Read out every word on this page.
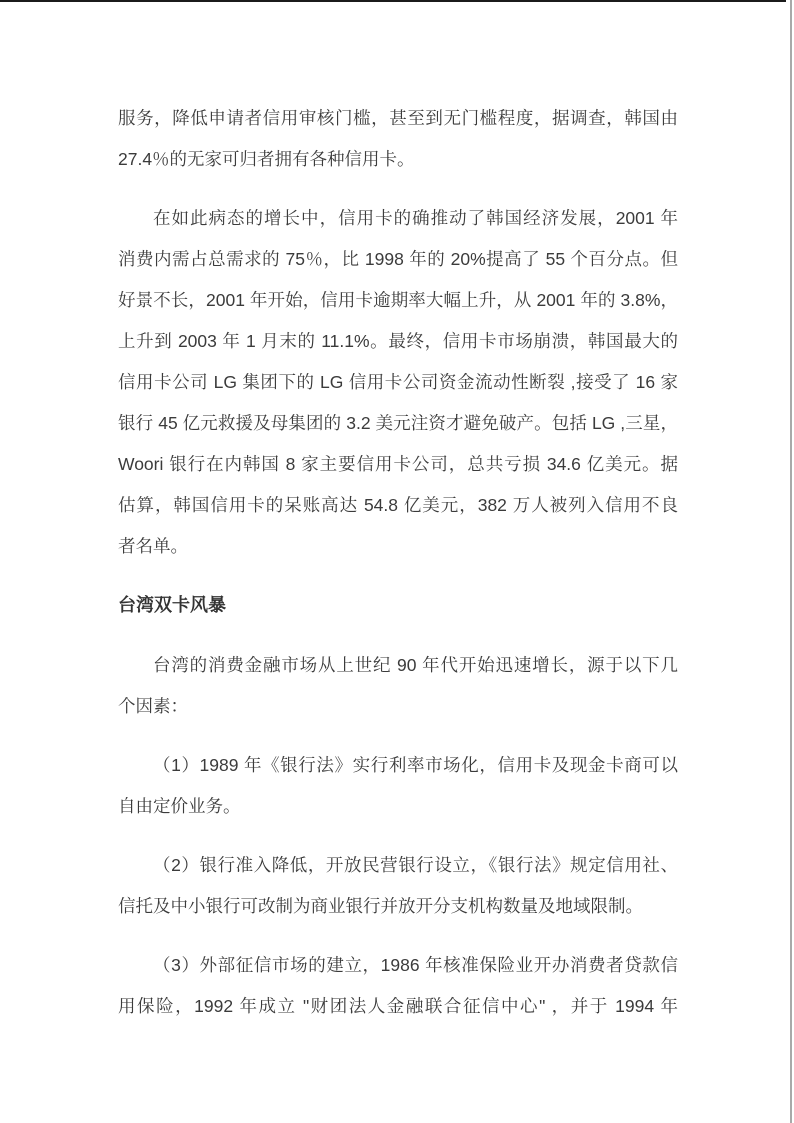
服务，降低申请者信用审核门槛，甚至到无门槛程度，据调查，韩国由
27.4％的无家可归者拥有各种信用卡。
在如此病态的增长中，信用卡的确推动了韩国经济发展，2001 年
消费内需占总需求的 75％，比 1998 年的 20%提高了 55 个百分点。但
好景不长，2001 年开始，信用卡逾期率大幅上升，从 2001 年的 3.8%，
上升到 2003 年 1 月末的 11.1%。最终，信用卡市场崩溃，韩国最大的
信用卡公司 LG 集团下的 LG 信用卡公司资金流动性断裂 ,接受了 16 家
银行 45 亿元救援及母集团的 3.2 美元注资才避免破产。包括 LG ,三星，
Woori 银行在内韩国 8 家主要信用卡公司，总共亏损 34.6 亿美元。据
估算，韩国信用卡的呆账高达 54.8 亿美元，382 万人被列入信用不良
者名单。
台湾双卡风暴
台湾的消费金融市场从上世纪 90 年代开始迅速增长，源于以下几
个因素：
（1）1989 年《银行法》实行利率市场化，信用卡及现金卡商可以
自由定价业务。
（2）银行准入降低，开放民营银行设立，《银行法》规定信用社、
信托及中小银行可改制为商业银行并放开分支机构数量及地域限制。
（3）外部征信市场的建立，1986 年核准保险业开办消费者贷款信
用保险，1992 年成立 "财团法人金融联合征信中心" ，并于 1994 年
